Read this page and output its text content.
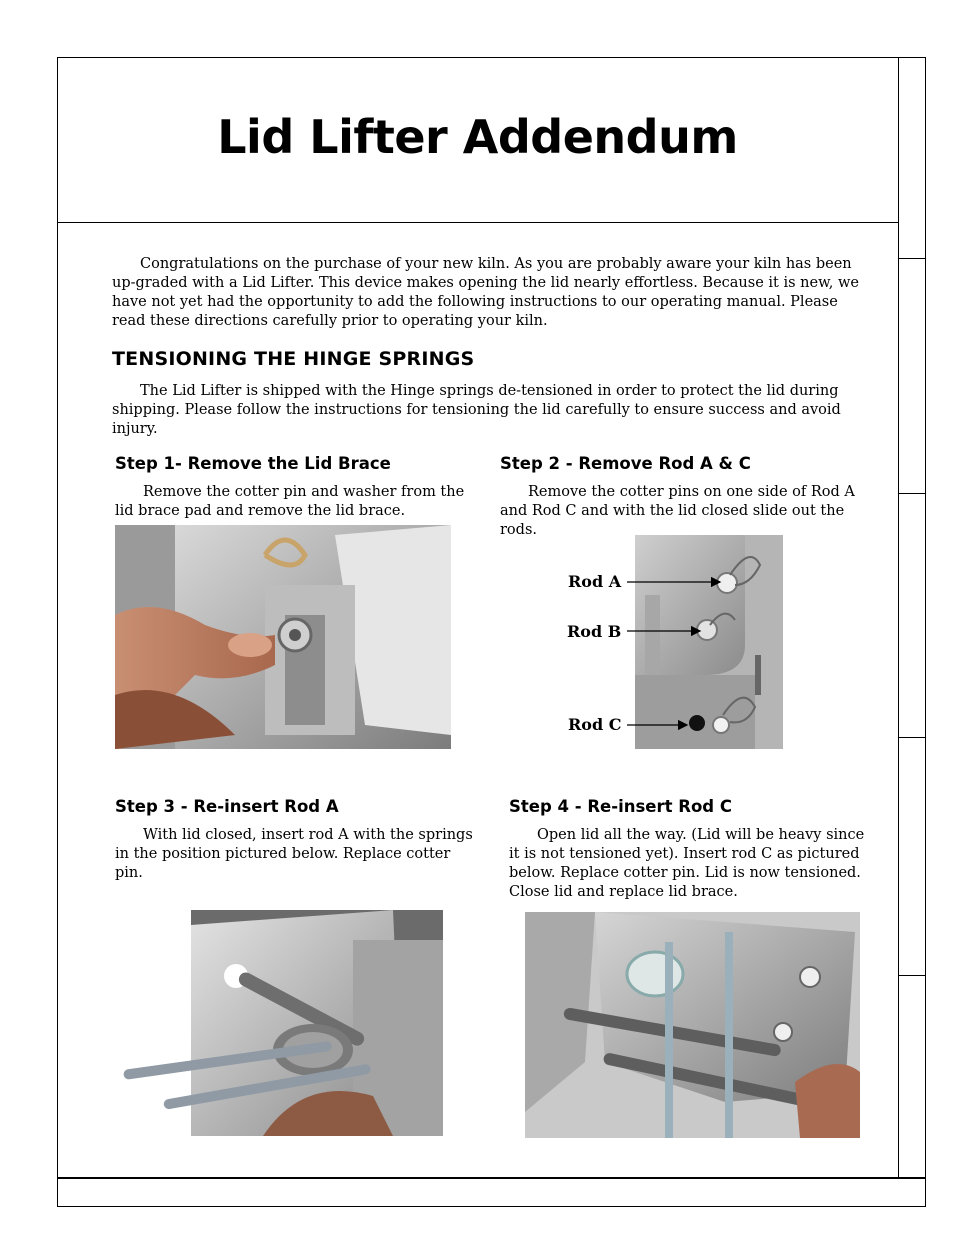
Lid Lifter Addendum

Congratulations on the purchase of your new kiln. As you are probably aware your kiln has been up-graded with a Lid Lifter. This device makes opening the lid nearly effortless. Because it is new, we have not yet had the opportunity to add the following instructions to our operating manual. Please read these directions carefully prior to operating your kiln.

TENSIONING THE HINGE SPRINGS

The Lid Lifter is shipped with the Hinge springs de-tensioned in order to protect the lid during shipping. Please follow the instructions for tensioning the lid carefully to ensure success and avoid injury.

Step 1- Remove the Lid Brace

Remove the cotter pin and washer from the lid brace pad and remove the lid brace.

Step 2 - Remove Rod A & C

Remove the cotter pins on one side of Rod A and Rod C and with the lid closed slide out the rods.

Rod A
Rod B
Rod C
Step 3 - Re-insert Rod A

With lid closed, insert rod A with the springs in the position pictured below. Replace cotter pin.

Step 4 - Re-insert Rod C

Open lid all the way. (Lid will be heavy since it is not tensioned yet). Insert rod C as pictured below. Replace cotter pin. Lid is now tensioned. Close lid and replace lid brace.
